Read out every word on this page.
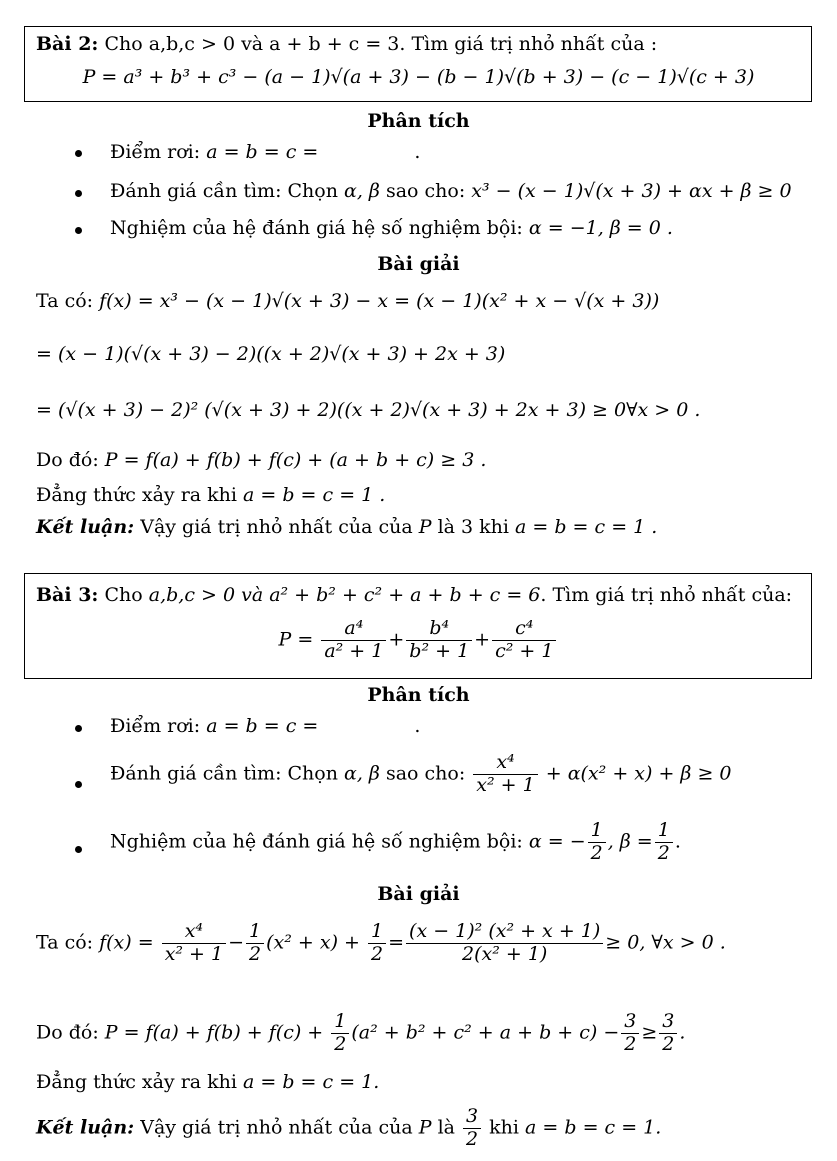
Bài 2: Cho a,b,c > 0 và a + b + c = 3. Tìm giá trị nhỏ nhất của :
P = a³ + b³ + c³ − (a − 1)√(a + 3) − (b − 1)√(b + 3) − (c − 1)√(c + 3)
Phân tích
Điểm rơi: a = b = c =	.
Đánh giá cần tìm: Chọn α, β sao cho: x³ − (x − 1)√(x + 3) + αx + β ≥ 0
Nghiệm của hệ đánh giá hệ số nghiệm bội: α = −1, β = 0 .
Bài giải
Ta có: f(x) = x³ − (x − 1)√(x + 3) − x = (x − 1)(x² + x − √(x + 3))
= (x − 1)(√(x + 3) − 2)((x + 2)√(x + 3) + 2x + 3)
= (√(x + 3) − 2)² (√(x + 3) + 2)((x + 2)√(x + 3) + 2x + 3) ≥ 0∀x > 0 .
Do đó: P = f(a) + f(b) + f(c) + (a + b + c) ≥ 3 .
Đẳng thức xảy ra khi a = b = c = 1 .
Kết luận: Vậy giá trị nhỏ nhất của của P là 3 khi a = b = c = 1 .
Bài 3: Cho a,b,c > 0 và a² + b² + c² + a + b + c = 6. Tìm giá trị nhỏ nhất của:
$P = \frac{\text{a⁴}}{\text{a² + 1}} + \frac{\text{b⁴}}{\text{b² + 1}} + \frac{\text{c⁴}}{\text{c² + 1}}$
Phân tích
Điểm rơi: a = b = c =	.
Đánh giá cần tìm: Chọn α, β sao cho: $\frac{\text{x⁴}}{\text{x² + 1}} + \alpha(x^2 + x) + \beta \ge 0$
Nghiệm của hệ đánh giá hệ số nghiệm bội: α = − $\frac{1}{2}$ , $\beta = \frac{1}{2}$ .
Bài giải
Ta có: $f(x) = \frac{\text{x⁴}}{\text{x² + 1}} - \frac{1}{2} (x^2 + x) + \frac{1}{2} = \frac{\text{(x − 1)² (x² + x + 1)}}{\text{2(x² + 1)}} \ge 0$, ∀x > 0 .
Do đó: $P = f(a) + f(b) + f(c) + \frac{1}{2} (a^2 + b^2 + c^2 + a + b + c) - \frac{3}{2} \ge \frac{3}{2}$ .
Đẳng thức xảy ra khi a = b = c = 1.
Kết luận: Vậy giá trị nhỏ nhất của của P là $\frac{3}{2}$ khi a = b = c = 1.
